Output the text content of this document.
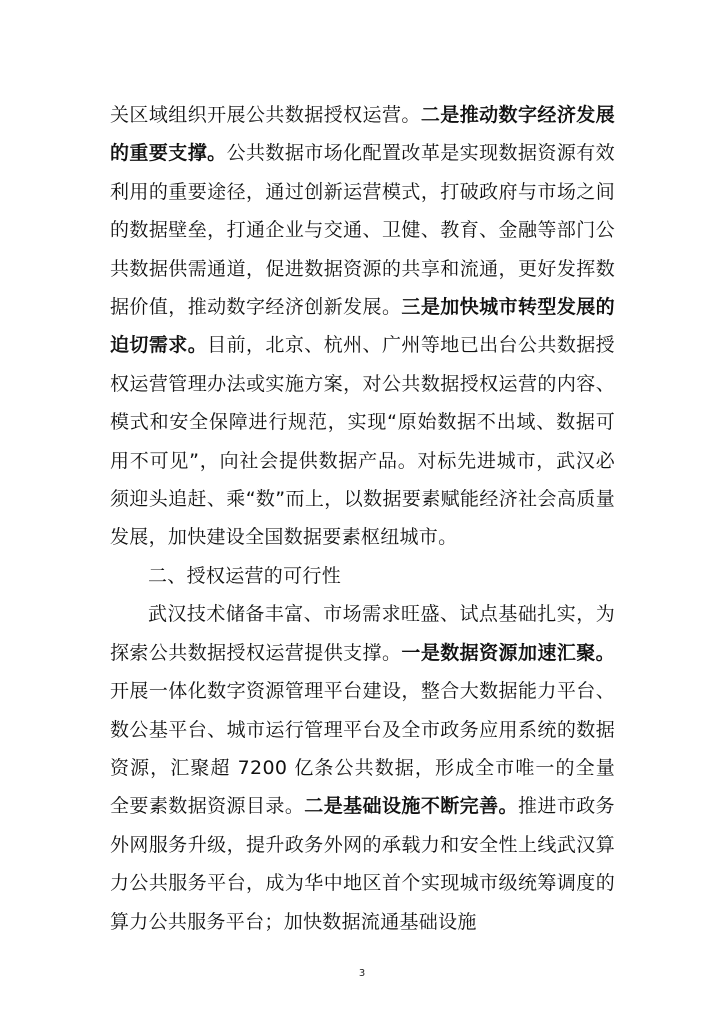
关区域组织开展公共数据授权运营。二是推动数字经济发展的重要支撑。公共数据市场化配置改革是实现数据资源有效利用的重要途径，通过创新运营模式，打破政府与市场之间的数据壁垒，打通企业与交通、卫健、教育、金融等部门公共数据供需通道，促进数据资源的共享和流通，更好发挥数据价值，推动数字经济创新发展。三是加快城市转型发展的迫切需求。目前，北京、杭州、广州等地已出台公共数据授权运营管理办法或实施方案，对公共数据授权运营的内容、模式和安全保障进行规范，实现“原始数据不出域、数据可用不可见”，向社会提供数据产品。对标先进城市，武汉必须迎头追赶、乘“数”而上，以数据要素赋能经济社会高质量发展，加快建设全国数据要素枢纽城市。

二、授权运营的可行性

武汉技术储备丰富、市场需求旺盛、试点基础扎实，为探索公共数据授权运营提供支撑。一是数据资源加速汇聚。开展一体化数字资源管理平台建设，整合大数据能力平台、数公基平台、城市运行管理平台及全市政务应用系统的数据资源，汇聚超 7200 亿条公共数据，形成全市唯一的全量全要素数据资源目录。二是基础设施不断完善。推进市政务外网服务升级，提升政务外网的承载力和安全性上线武汉算力公共服务平台，成为华中地区首个实现城市级统筹调度的算力公共服务平台；加快数据流通基础设施

3
